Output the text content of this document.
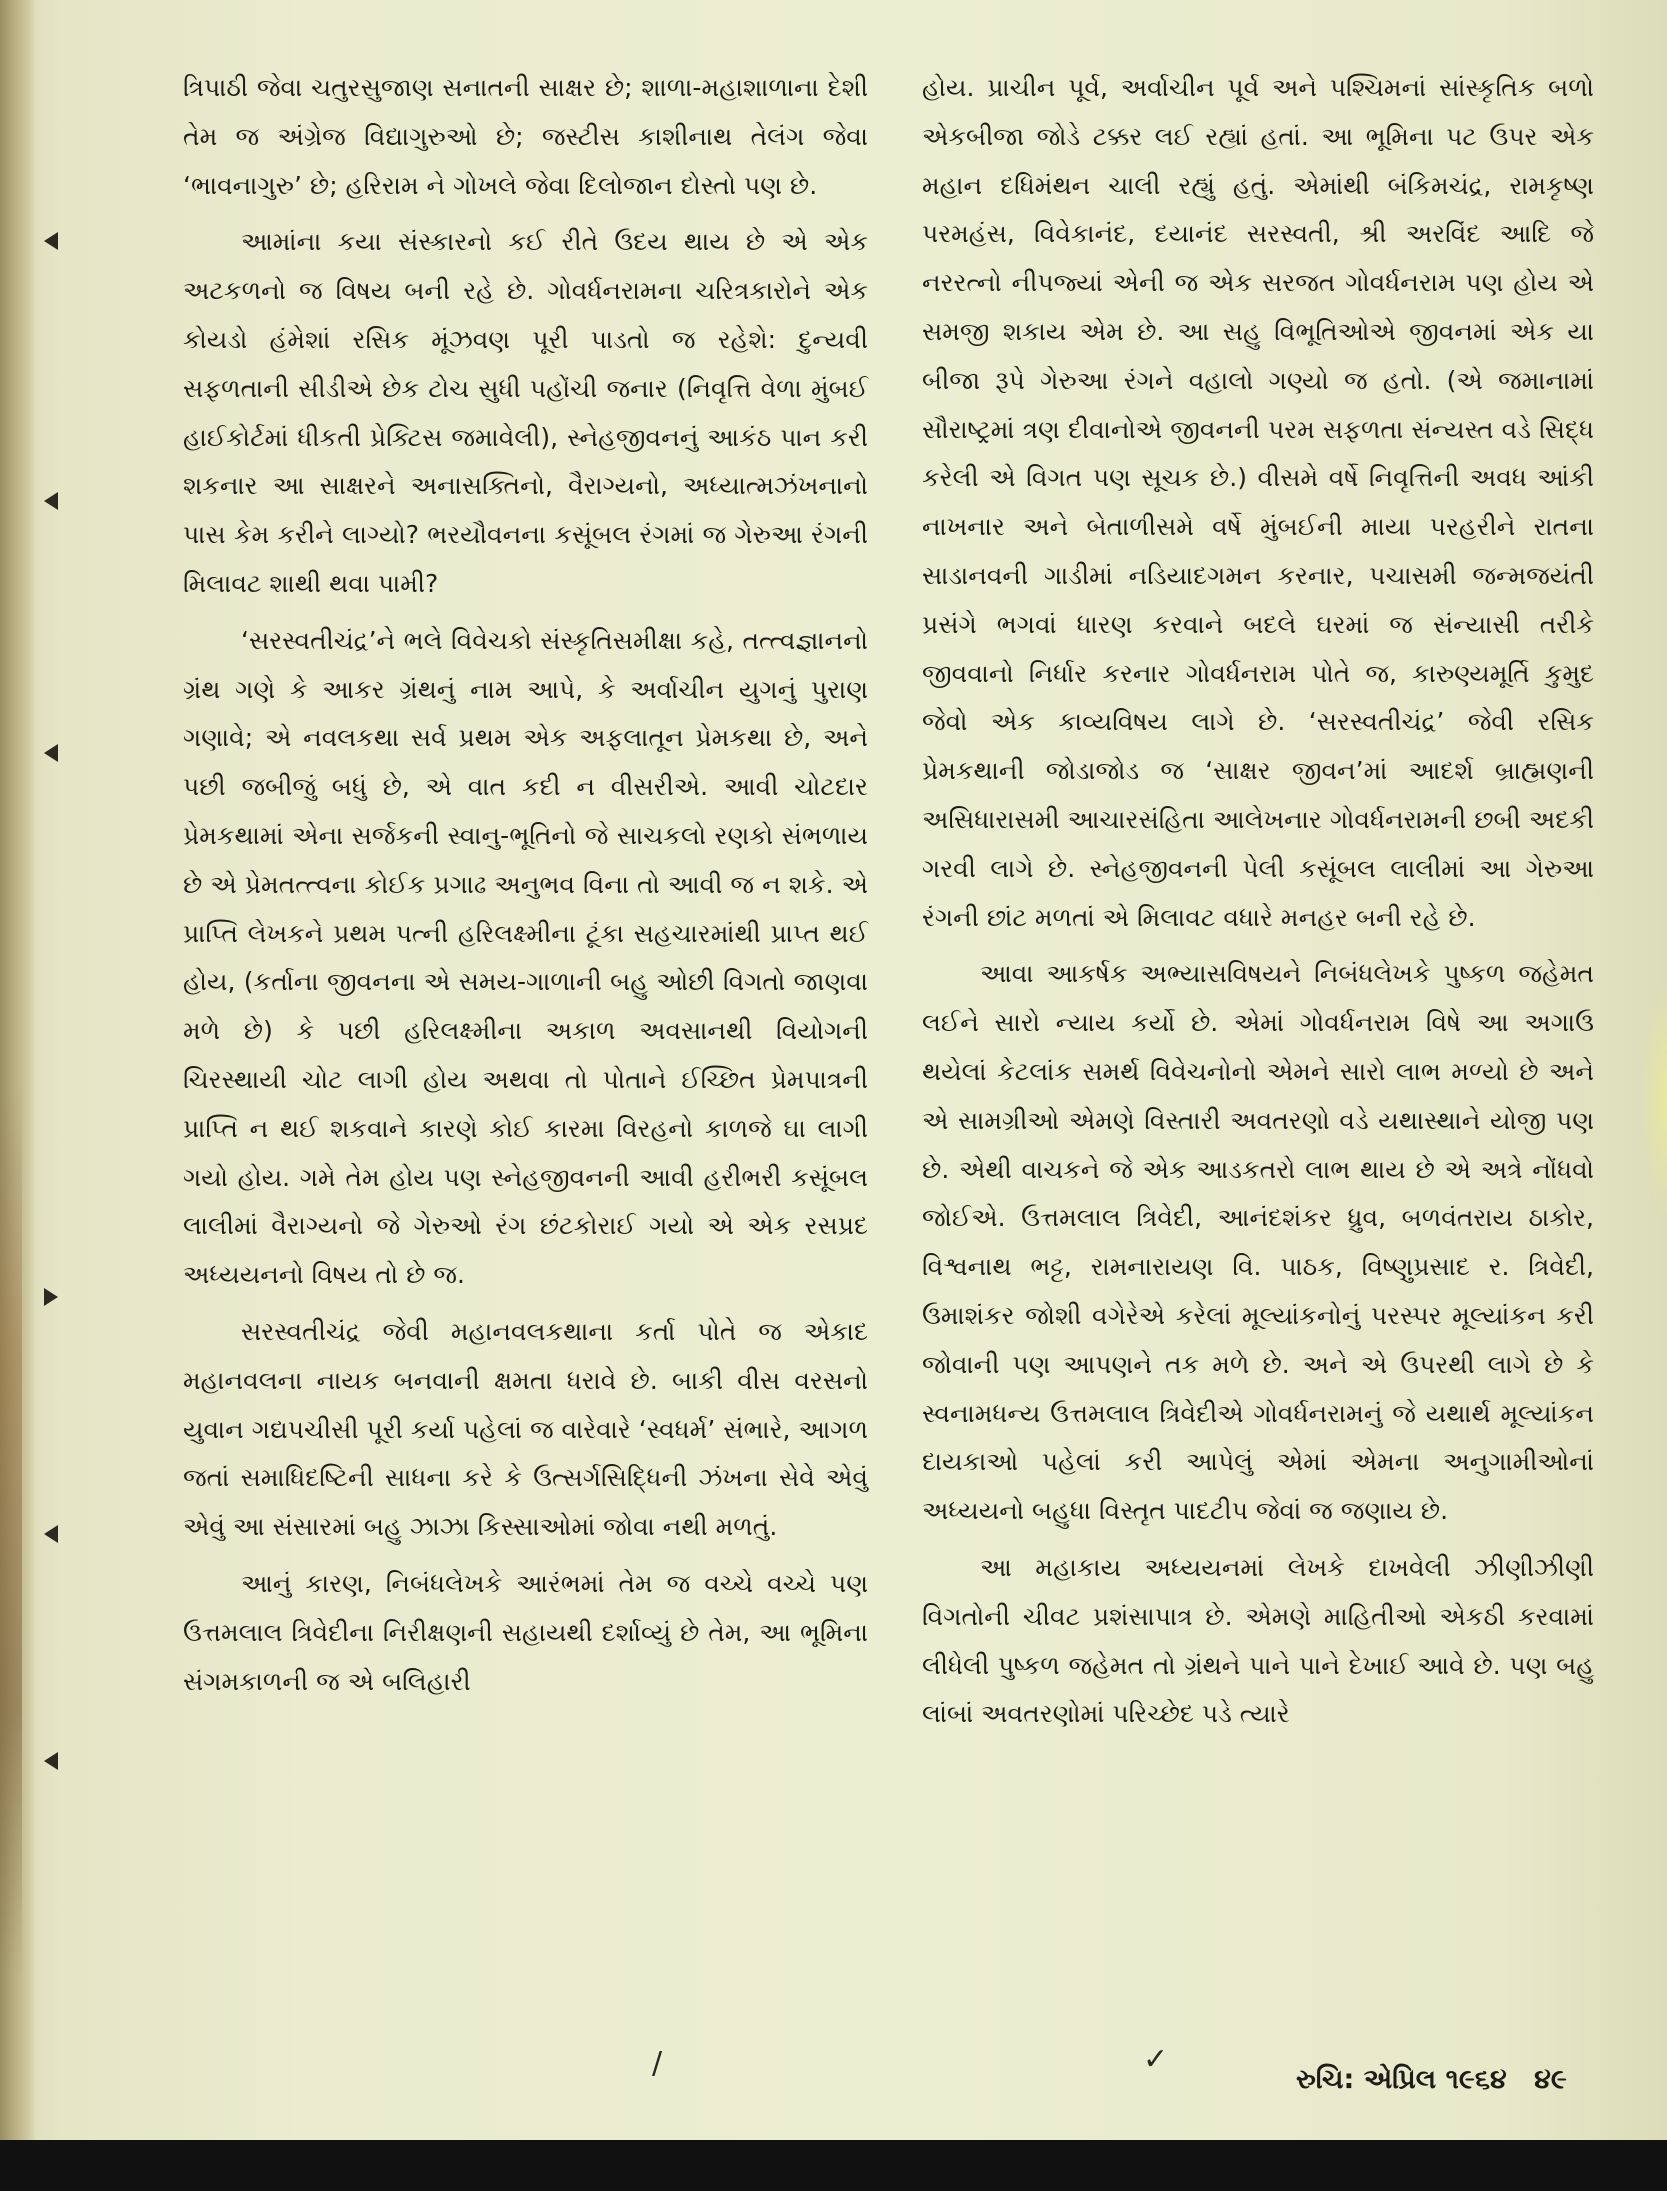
ત્રિપાઠી જેવા ચતુરસુજાણ સનાતની સાક્ષર છે; શાળા-મહાશાળાના દેશી તેમ જ અંગ્રેજ વિદ્યાગુરુઓ છે; જસ્ટીસ કાશીનાથ તેલંગ જેવા ‘ભાવનાગુરુ’ છે; હરિરામ ને ગોખલે જેવા દિલોજાન દોસ્તો પણ છે.

આમાંના કયા સંસ્કારનો કઈ રીતે ઉદય થાય છે એ એક અટકળનો જ વિષય બની રહે છે. ગોવર્ધનરામના ચરિત્રકારોને એક કોયડો હંમેશાં રસિક મૂંઝવણ પૂરી પાડતો જ રહેશે: દુન્યવી સફળતાની સીડીએ છેક ટોચ સુધી પહોંચી જનાર (નિવૃત્તિ વેળા મુંબઈ હાઈકોર્ટમાં ધીકતી પ્રેક્ટિસ જમાવેલી), સ્નેહજીવનનું આકંઠ પાન કરી શકનાર આ સાક્ષરને અનાસક્તિનો, વૈરાગ્યનો, અધ્યાત્મઝંખનાનો પાસ કેમ કરીને લાગ્યો? ભરયૌવનના કસૂંબલ રંગમાં જ ગેરુઆ રંગની મિલાવટ શાથી થવા પામી?

‘સરસ્વતીચંદ્ર’ને ભલે વિવેચકો સંસ્કૃતિસમીક્ષા કહે, તત્ત્વજ્ઞાનનો ગ્રંથ ગણે કે આકર ગ્રંથનું નામ આપે, કે અર્વાચીન યુગનું પુરાણ ગણાવે; એ નવલકથા સર્વ પ્રથમ એક અફલાતૂન પ્રેમકથા છે, અને પછી જબીજું બધું છે, એ વાત કદી ન વીસરીએ. આવી ચોટદાર પ્રેમકથામાં એના સર્જકની સ્વાનુ-ભૂતિનો જે સાચકલો રણકો સંભળાય છે એ પ્રેમતત્ત્વના કોઈક પ્રગાઢ અનુભવ વિના તો આવી જ ન શકે. એ પ્રાપ્તિ લેખકને પ્રથમ પત્ની હરિલક્ષ્મીના ટૂંકા સહચારમાંથી પ્રાપ્ત થઈ હોય, (કર્તાના જીવનના એ સમય-ગાળાની બહુ ઓછી વિગતો જાણવા મળે છે) કે પછી હરિલક્ષ્મીના અકાળ અવસાનથી વિયોગની ચિરસ્થાયી ચોટ લાગી હોય અથવા તો પોતાને ઈચ્છિત પ્રેમપાત્રની પ્રાપ્તિ ન થઈ શકવાને કારણે કોઈ કારમા વિરહનો કાળજે ઘા લાગી ગયો હોય. ગમે તેમ હોય પણ સ્નેહજીવનની આવી હરીભરી કસૂંબલ લાલીમાં વૈરાગ્યનો જે ગેરુઓ રંગ છંટકોરાઈ ગયો એ એક રસપ્રદ અધ્યયનનો વિષય તો છે જ.

સરસ્વતીચંદ્ર જેવી મહાનવલકથાના કર્તા પોતે જ એકાદ મહાનવલના નાયક બનવાની ક્ષમતા ધરાવે છે. બાકી વીસ વરસનો યુવાન ગદ્યપચીસી પૂરી કર્યા પહેલાં જ વારેવારે ‘સ્વધર્મ’ સંભારે, આગળ જતાં સમાધિદષ્ટિની સાધના કરે કે ઉત્સર્ગસિદ્ધિની ઝંખના સેવે એવું એવું આ સંસારમાં બહુ ઝાઝા કિસ્સાઓમાં જોવા નથી મળતું.

આનું કારણ, નિબંધલેખકે આરંભમાં તેમ જ વચ્ચે વચ્ચે પણ ઉત્તમલાલ ત્રિવેદીના નિરીક્ષણની સહાયથી દર્શાવ્યું છે તેમ, આ ભૂમિના સંગમકાળની જ એ બલિહારી

હોય. પ્રાચીન પૂર્વ, અર્વાચીન પૂર્વ અને પશ્ચિમનાં સાંસ્કૃતિક બળો એકબીજા જોડે ટક્કર લઈ રહ્યાં હતાં. આ ભૂમિના પટ ઉપર એક મહાન દધિમંથન ચાલી રહ્યું હતું. એમાંથી બંકિમચંદ્ર, રામકૃષ્ણ પરમહંસ, વિવેકાનંદ, દયાનંદ સરસ્વતી, શ્રી અરવિંદ આદિ જે નરરત્નો નીપજ્યાં એની જ એક સરજત ગોવર્ધનરામ પણ હોય એ સમજી શકાય એમ છે. આ સહુ વિભૂતિઓએ જીવનમાં એક યા બીજા રૂપે ગેરુઆ રંગને વહાલો ગણ્યો જ હતો. (એ જમાનામાં સૌરાષ્ટ્રમાં ત્રણ દીવાનોએ જીવનની પરમ સફળતા સંન્યસ્ત વડે સિદ્ધ કરેલી એ વિગત પણ સૂચક છે.) વીસમે વર્ષે નિવૃત્તિની અવધ આંકી નાખનાર અને બેતાળીસમે વર્ષે મુંબઈની માયા પરહરીને રાતના સાડાનવની ગાડીમાં નડિયાદગમન કરનાર, પચાસમી જન્મજયંતી પ્રસંગે ભગવાં ધારણ કરવાને બદલે ઘરમાં જ સંન્યાસી તરીકે જીવવાનો નિર્ધાર કરનાર ગોવર્ધનરામ પોતે જ, કારુણ્યમૂર્તિ કુમુદ જેવો એક કાવ્યવિષય લાગે છે. ‘સરસ્વતીચંદ્ર’ જેવી રસિક પ્રેમકથાની જોડાજોડ જ ‘સાક્ષર જીવન’માં આદર્શ બ્રાહ્મણની અસિધારાસમી આચારસંહિતા આલેખનાર ગોવર્ધનરામની છબી અદકી ગરવી લાગે છે. સ્નેહજીવનની પેલી કસૂંબલ લાલીમાં આ ગેરુઆ રંગની છાંટ મળતાં એ મિલાવટ વધારે મનહર બની રહે છે.

આવા આકર્ષક અભ્યાસવિષયને નિબંધલેખકે પુષ્કળ જહેમત લઈને સારો ન્યાય કર્યો છે. એમાં ગોવર્ધનરામ વિષે આ અગાઉ થયેલાં કેટલાંક સમર્થ વિવેચનોનો એમને સારો લાભ મળ્યો છે અને એ સામગ્રીઓ એમણે વિસ્તારી અવતરણો વડે યથાસ્થાને યોજી પણ છે. એથી વાચકને જે એક આડકતરો લાભ થાય છે એ અત્રે નોંધવો જોઈએ. ઉત્તમલાલ ત્રિવેદી, આનંદશંકર ધ્રુવ, બળવંતરાય ઠાકોર, વિશ્વનાથ ભટ્ટ, રામનારાયણ વિ. પાઠક, વિષ્ણુપ્રસાદ ર. ત્રિવેદી, ઉમાશંકર જોશી વગેરેએ કરેલાં મૂલ્યાંકનોનું પરસ્પર મૂલ્યાંકન કરી જોવાની પણ આપણને તક મળે છે. અને એ ઉપરથી લાગે છે કે સ્વનામધન્ય ઉત્તમલાલ ત્રિવેદીએ ગોવર્ધનરામનું જે યથાર્થ મૂલ્યાંકન દાયકાઓ પહેલાં કરી આપેલું એમાં એમના અનુગામીઓનાં અધ્યયનો બહુધા વિસ્તૃત પાદટીપ જેવાં જ જણાય છે.

આ મહાકાય અધ્યયનમાં લેખકે દાખવેલી ઝીણીઝીણી વિગતોની ચીવટ પ્રશંસાપાત્ર છે. એમણે માહિતીઓ એકઠી કરવામાં લીધેલી પુષ્કળ જહેમત તો ગ્રંથને પાને પાને દેખાઈ આવે છે. પણ બહુ લાંબાં અવતરણોમાં પરિચ્છેદ પડે ત્યારે

/	✓
રુચિ: એપ્રિલ ૧૯૬૪ ૪૯
